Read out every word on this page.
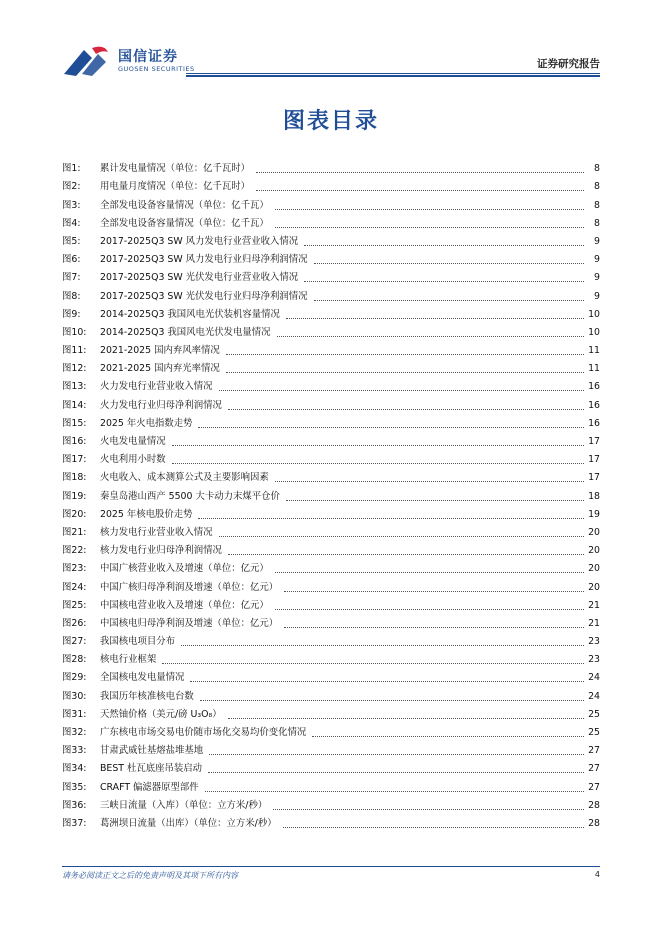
国信证券
GUOSEN SECURITIES	证券研究报告
图表目录
图1:	累计发电量情况（单位：亿千瓦时）	8
图2:	用电量月度情况（单位：亿千瓦时）	8
图3:	全部发电设备容量情况（单位：亿千瓦）	8
图4:	全部发电设备容量情况（单位：亿千瓦）	8
图5:	2017-2025Q3 SW 风力发电行业营业收入情况	9
图6:	2017-2025Q3 SW 风力发电行业归母净利润情况	9
图7:	2017-2025Q3 SW 光伏发电行业营业收入情况	9
图8:	2017-2025Q3 SW 光伏发电行业归母净利润情况	9
图9:	2014-2025Q3 我国风电光伏装机容量情况	10
图10:	2014-2025Q3 我国风电光伏发电量情况	10
图11:	2021-2025 国内弃风率情况	11
图12:	2021-2025 国内弃光率情况	11
图13:	火力发电行业营业收入情况	16
图14:	火力发电行业归母净利润情况	16
图15:	2025 年火电指数走势	16
图16:	火电发电量情况	17
图17:	火电利用小时数	17
图18:	火电收入、成本测算公式及主要影响因素	17
图19:	秦皇岛港山西产 5500 大卡动力末煤平仓价	18
图20:	2025 年核电股价走势	19
图21:	核力发电行业营业收入情况	20
图22:	核力发电行业归母净利润情况	20
图23:	中国广核营业收入及增速（单位：亿元）	20
图24:	中国广核归母净利润及增速（单位：亿元）	20
图25:	中国核电营业收入及增速（单位：亿元）	21
图26:	中国核电归母净利润及增速（单位：亿元）	21
图27:	我国核电项目分布	23
图28:	核电行业框架	23
图29:	全国核电发电量情况	24
图30:	我国历年核准核电台数	24
图31:	天然铀价格（美元/磅 U₃O₈）	25
图32:	广东核电市场交易电价随市场化交易均价变化情况	25
图33:	甘肃武威钍基熔盐堆基地	27
图34:	BEST 杜瓦底座吊装启动	27
图35:	CRAFT 偏滤器原型部件	27
图36:	三峡日流量（入库）（单位：立方米/秒）	28
图37:	葛洲坝日流量（出库）（单位：立方米/秒）	28
请务必阅读正文之后的免责声明及其项下所有内容	4
